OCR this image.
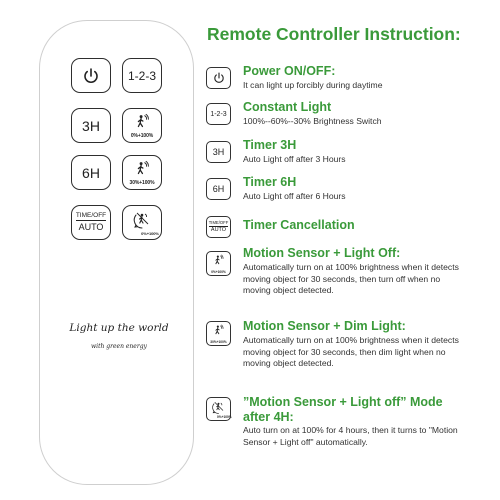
1-2-3
3H
0%+100%
6H
30%+100%
TIME/OFF
AUTO
0%+100%
Light up the world
with green energy
Remote Controller Instruction:

Power ON/OFF:

It can light up forcibly during daytime

1-2-3 Constant Light

100%--60%--30% Brightness Switch

3H Timer 3H

Auto Light off after 3 Hours

6H Timer 6H

Auto Light off after 6 Hours

TIME/OFF
AUTO Timer Cancellation

0%+100%

Motion Sensor + Light Off:

Automatically turn on at 100% brightness when it detects moving object for 30 seconds, then turn off when no moving object detected.

30%+100%

Motion Sensor + Dim Light:

Automatically turn on at 100% brightness when it detects moving object for 30 seconds, then dim light when no moving object detected.

0%+100%

”Motion Sensor + Light off” Mode after 4H:

Auto turn on at 100% for 4 hours, then it turns to "Motion Sensor + Light off" automatically.
